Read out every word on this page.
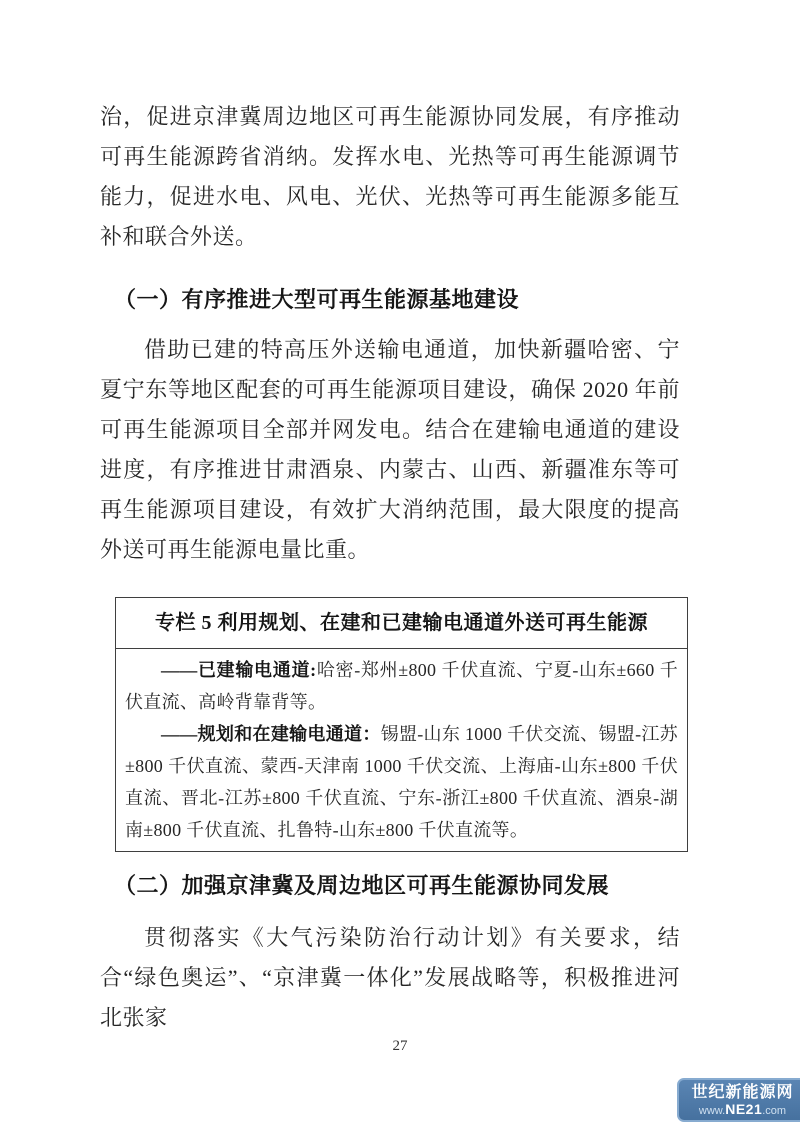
治，促进京津冀周边地区可再生能源协同发展，有序推动可再生能源跨省消纳。发挥水电、光热等可再生能源调节能力，促进水电、风电、光伏、光热等可再生能源多能互补和联合外送。

（一）有序推进大型可再生能源基地建设

借助已建的特高压外送输电通道，加快新疆哈密、宁夏宁东等地区配套的可再生能源项目建设，确保 2020 年前可再生能源项目全部并网发电。结合在建输电通道的建设进度，有序推进甘肃酒泉、内蒙古、山西、新疆准东等可再生能源项目建设，有效扩大消纳范围，最大限度的提高外送可再生能源电量比重。

专栏 5 利用规划、在建和已建输电通道外送可再生能源

——已建输电通道:哈密-郑州±800 千伏直流、宁夏-山东±660 千伏直流、高岭背靠背等。

——规划和在建输电通道：锡盟-山东 1000 千伏交流、锡盟-江苏±800 千伏直流、蒙西-天津南 1000 千伏交流、上海庙-山东±800 千伏直流、晋北-江苏±800 千伏直流、宁东-浙江±800 千伏直流、酒泉-湖南±800 千伏直流、扎鲁特-山东±800 千伏直流等。

（二）加强京津冀及周边地区可再生能源协同发展

贯彻落实《大气污染防治行动计划》有关要求，结合“绿色奥运”、“京津冀一体化”发展战略等，积极推进河北张家

27
世纪新能源网
www.NE21.com
